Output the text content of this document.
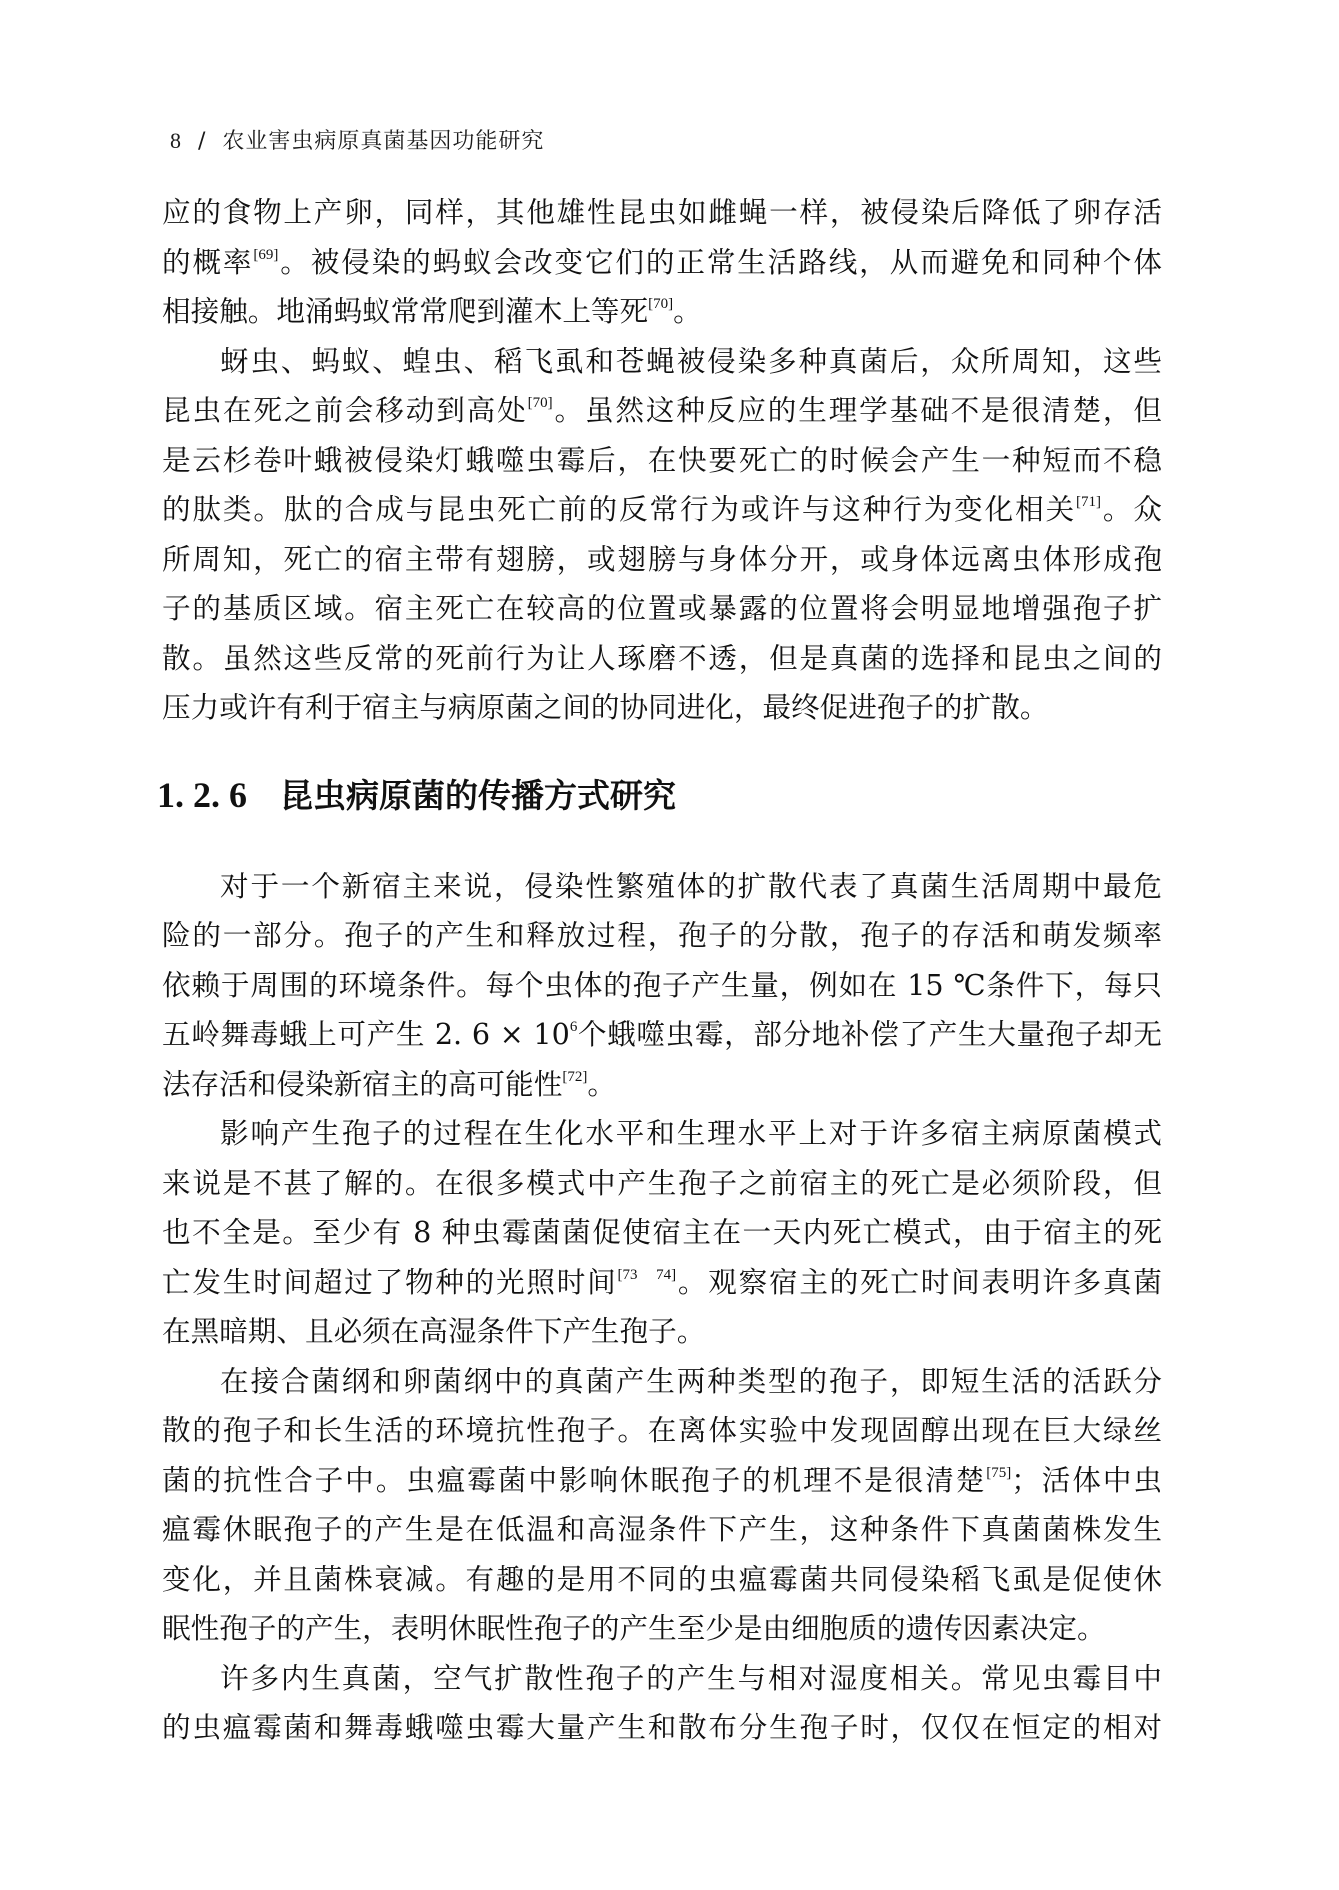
8 / 农业害虫病原真菌基因功能研究
应的食物上产卵，同样，其他雄性昆虫如雌蝇一样，被侵染后降低了卵存活
的概率[69]。被侵染的蚂蚁会改变它们的正常生活路线，从而避免和同种个体
相接触。地涌蚂蚁常常爬到灌木上等死[70]。
蚜虫、蚂蚁、蝗虫、稻飞虱和苍蝇被侵染多种真菌后，众所周知，这些
昆虫在死之前会移动到高处[70]。虽然这种反应的生理学基础不是很清楚，但
是云杉卷叶蛾被侵染灯蛾噬虫霉后，在快要死亡的时候会产生一种短而不稳
的肽类。肽的合成与昆虫死亡前的反常行为或许与这种行为变化相关[71]。众
所周知，死亡的宿主带有翅膀，或翅膀与身体分开，或身体远离虫体形成孢
子的基质区域。宿主死亡在较高的位置或暴露的位置将会明显地增强孢子扩
散。虽然这些反常的死前行为让人琢磨不透，但是真菌的选择和昆虫之间的
压力或许有利于宿主与病原菌之间的协同进化，最终促进孢子的扩散。
1. 2. 6 昆虫病原菌的传播方式研究
对于一个新宿主来说，侵染性繁殖体的扩散代表了真菌生活周期中最危
险的一部分。孢子的产生和释放过程，孢子的分散，孢子的存活和萌发频率
依赖于周围的环境条件。每个虫体的孢子产生量，例如在 15 ℃条件下，每只
五岭舞毒蛾上可产生 2. $6 \times 10^6$个蛾噬虫霉，部分地补偿了产生大量孢子却无
法存活和侵染新宿主的高可能性[72]。
影响产生孢子的过程在生化水平和生理水平上对于许多宿主病原菌模式
来说是不甚了解的。在很多模式中产生孢子之前宿主的死亡是必须阶段，但
也不全是。至少有 8 种虫霉菌菌促使宿主在一天内死亡模式，由于宿主的死
亡发生时间超过了物种的光照时间[73　74]。观察宿主的死亡时间表明许多真菌
在黑暗期、且必须在高湿条件下产生孢子。
在接合菌纲和卵菌纲中的真菌产生两种类型的孢子，即短生活的活跃分
散的孢子和长生活的环境抗性孢子。在离体实验中发现固醇出现在巨大绿丝
菌的抗性合子中。虫瘟霉菌中影响休眠孢子的机理不是很清楚[75]；活体中虫
瘟霉休眠孢子的产生是在低温和高湿条件下产生，这种条件下真菌菌株发生
变化，并且菌株衰减。有趣的是用不同的虫瘟霉菌共同侵染稻飞虱是促使休
眠性孢子的产生，表明休眠性孢子的产生至少是由细胞质的遗传因素决定。
许多内生真菌，空气扩散性孢子的产生与相对湿度相关。常见虫霉目中
的虫瘟霉菌和舞毒蛾噬虫霉大量产生和散布分生孢子时，仅仅在恒定的相对
